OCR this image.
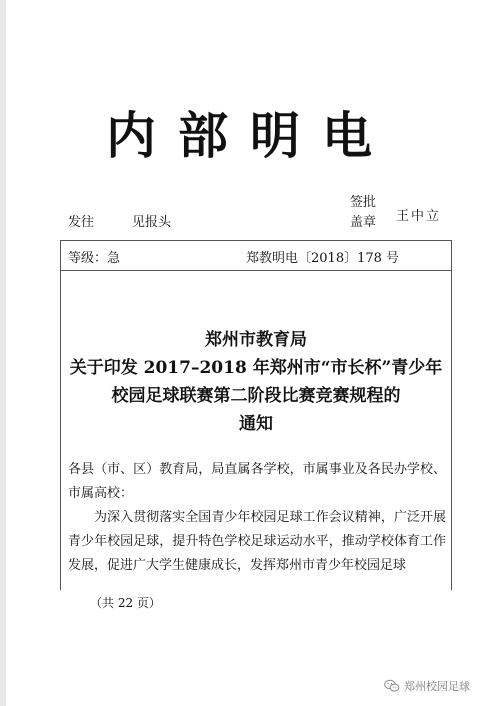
内部明电
发往	见报头
签批盖章	王中立
等级：急	郑教明电〔2018〕178 号
郑州市教育局
关于印发 2017–2018 年郑州市“市长杯”青少年
校园足球联赛第二阶段比赛竞赛规程的
通知

各县（市、区）教育局，局直属各学校，市属事业及各民办学校、市属高校：

为深入贯彻落实全国青少年校园足球工作会议精神，广泛开展青少年校园足球，提升特色学校足球运动水平，推动学校体育工作发展，促进广大学生健康成长，发挥郑州市青少年校园足球

（共 22 页）
郑州校园足球
